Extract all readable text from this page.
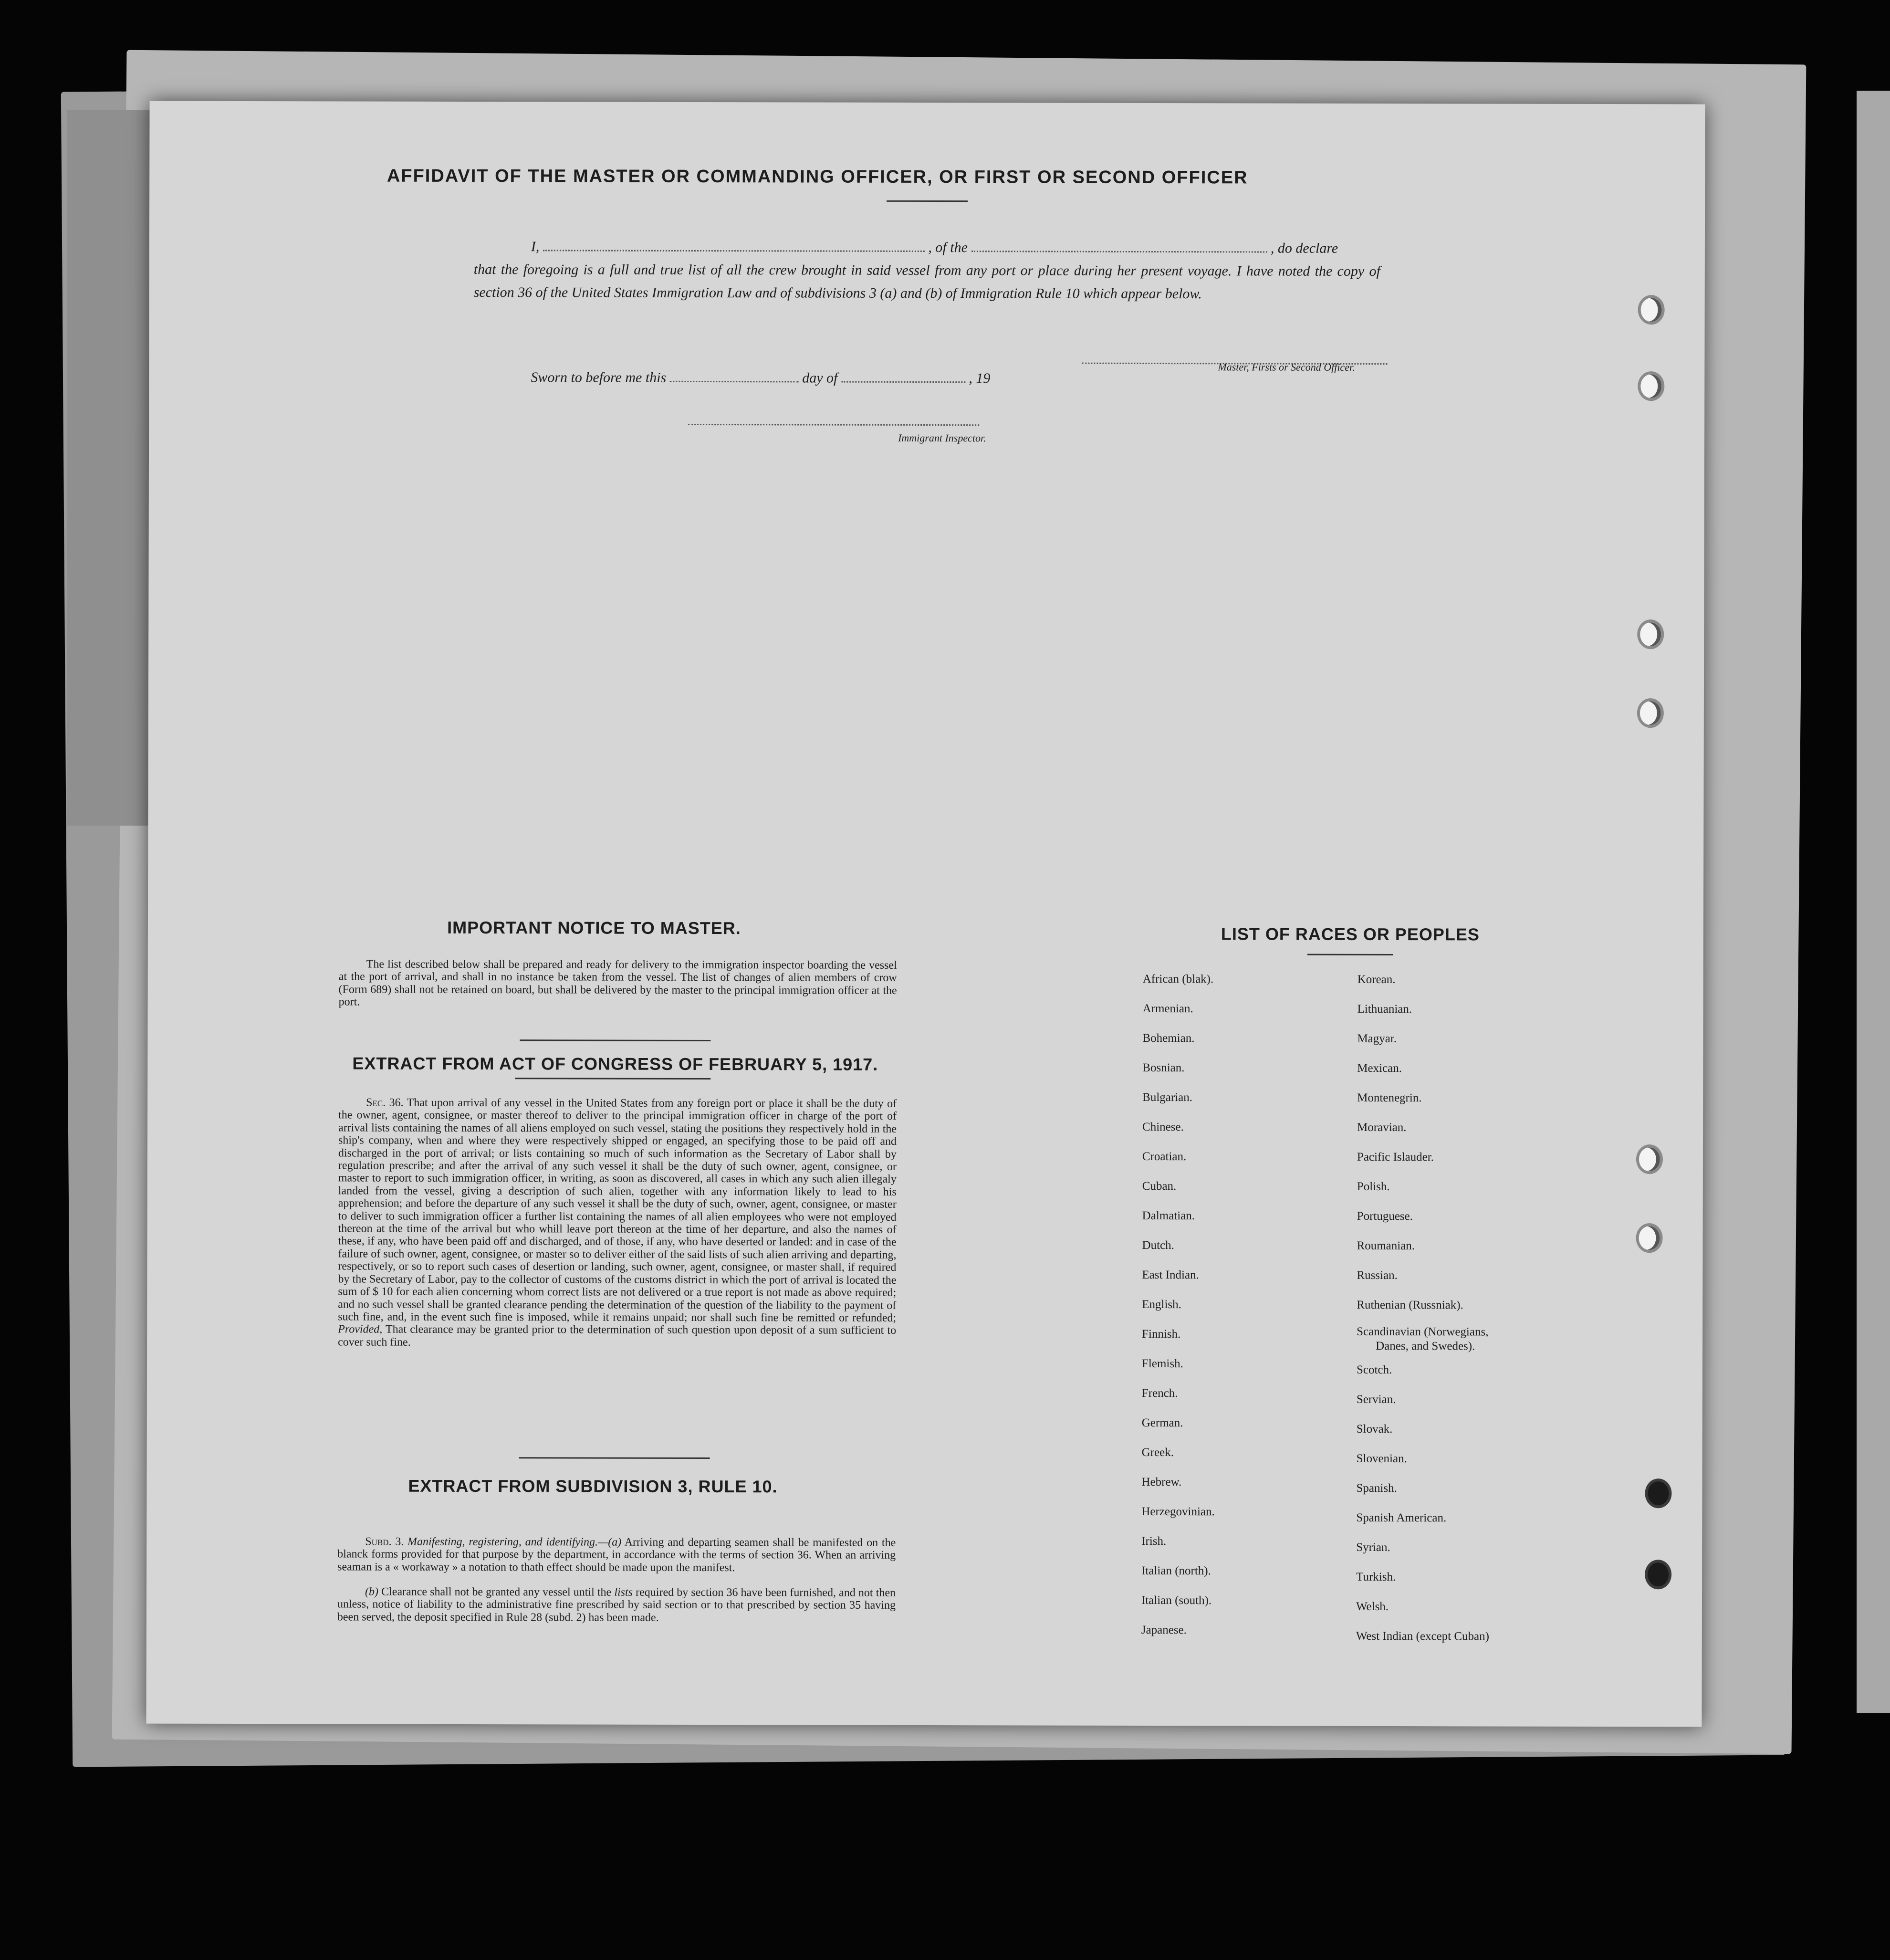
AFFIDAVIT OF THE MASTER OR COMMANDING OFFICER, OR FIRST OR SECOND OFFICER
I,	, of the	, do declare
that the foregoing is a full and true list of all the crew brought in said vessel from any port or place during her present voyage. I have noted the copy of section 36 of the United States Immigration Law and of subdivisions 3 (a) and (b) of Immigration Rule 10 which appear below.
Master, Firsts or Second Officer.
Sworn to before me this	day of	, 19
Immigrant Inspector.
IMPORTANT NOTICE TO MASTER.
The list described below shall be prepared and ready for delivery to the immigration inspector boarding the vessel at the port of arrival, and shall in no instance be taken from the vessel. The list of changes of alien members of crow (Form 689) shall not be retained on board, but shall be delivered by the master to the principal immigration officer at the port.
EXTRACT FROM ACT OF CONGRESS OF FEBRUARY 5, 1917.
Sec. 36. That upon arrival of any vessel in the United States from any foreign port or place it shall be the duty of the owner, agent, consignee, or master thereof to deliver to the principal immigration officer in charge of the port of arrival lists containing the names of all aliens employed on such vessel, stating the positions they respectively hold in the ship's company, when and where they were respectively shipped or engaged, an specifying those to be paid off and discharged in the port of arrival; or lists containing so much of such information as the Secretary of Labor shall by regulation prescribe; and after the arrival of any such vessel it shall be the duty of such owner, agent, consignee, or master to report to such immigration officer, in writing, as soon as discovered, all cases in which any such alien illegaly landed from the vessel, giving a description of such alien, together with any information likely to lead to his apprehension; and before the departure of any such vessel it shall be the duty of such, owner, agent, consignee, or master to deliver to such immigration officer a further list containing the names of all alien employees who were not employed thereon at the time of the arrival but who whill leave port thereon at the time of her departure, and also the names of these, if any, who have been paid off and discharged, and of those, if any, who have deserted or landed: and in case of the failure of such owner, agent, consignee, or master so to deliver either of the said lists of such alien arriving and departing, respectively, or so to report such cases of desertion or landing, such owner, agent, consignee, or master shall, if required by the Secretary of Labor, pay to the collector of customs of the customs district in which the port of arrival is located the sum of $ 10 for each alien concerning whom correct lists are not delivered or a true report is not made as above required; and no such vessel shall be granted clearance pending the determination of the question of the liability to the payment of such fine, and, in the event such fine is imposed, while it remains unpaid; nor shall such fine be remitted or refunded; Provided, That clearance may be granted prior to the determination of such question upon deposit of a sum sufficient to cover such fine.
EXTRACT FROM SUBDIVISION 3, RULE 10.
Subd. 3. Manifesting, registering, and identifying.—(a) Arriving and departing seamen shall be manifested on the blanck forms provided for that purpose by the department, in accordance with the terms of section 36. When an arriving seaman is a « workaway » a notation to thath effect should be made upon the manifest.
(b) Clearance shall not be granted any vessel until the lists required by section 36 have been furnished, and not then unless, notice of liability to the administrative fine prescribed by said section or to that prescribed by section 35 having been served, the deposit specified in Rule 28 (subd. 2) has been made.
LIST OF RACES OR PEOPLES
African (blak).
Armenian.
Bohemian.
Bosnian.
Bulgarian.
Chinese.
Croatian.
Cuban.
Dalmatian.
Dutch.
East Indian.
English.
Finnish.
Flemish.
French.
German.
Greek.
Hebrew.
Herzegovinian.
Irish.
Italian (north).
Italian (south).
Japanese.
Korean.
Lithuanian.
Magyar.
Mexican.
Montenegrin.
Moravian.
Pacific Islauder.
Polish.
Portuguese.
Roumanian.
Russian.
Ruthenian (Russniak).
Scandinavian (Norwegians,
Danes, and Swedes).
Scotch.
Servian.
Slovak.
Slovenian.
Spanish.
Spanish American.
Syrian.
Turkish.
Welsh.
West Indian (except Cuban)
